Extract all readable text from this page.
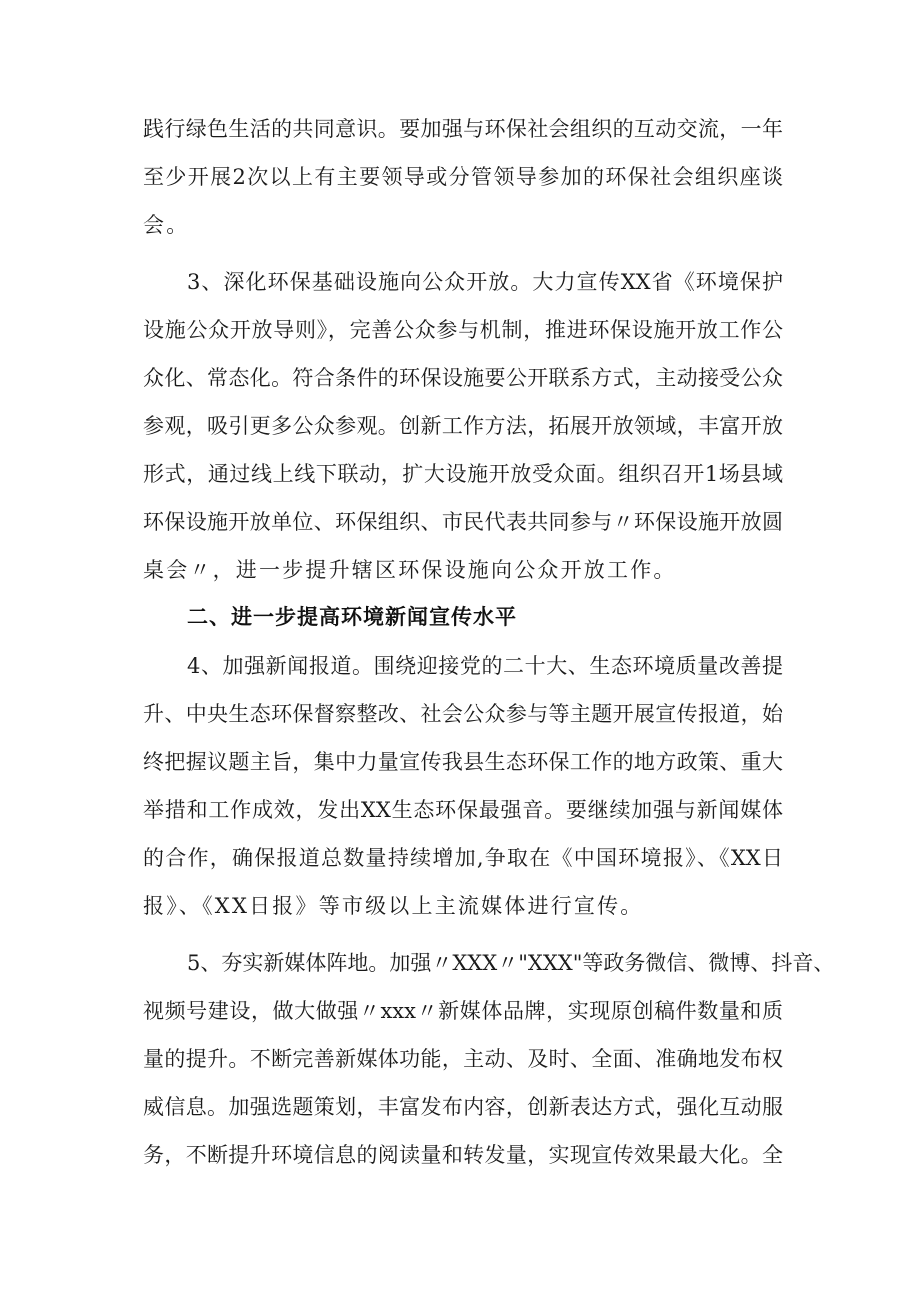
践行绿色生活的共同意识。要加强与环保社会组织的互动交流，一年
至少开展2次以上有主要领导或分管领导参加的环保社会组织座谈
会。
3、深化环保基础设施向公众开放。大力宣传XX省《环境保护
设施公众开放导则》，完善公众参与机制，推进环保设施开放工作公
众化、常态化。符合条件的环保设施要公开联系方式，主动接受公众
参观，吸引更多公众参观。创新工作方法，拓展开放领域，丰富开放
形式，通过线上线下联动，扩大设施开放受众面。组织召开1场县域
环保设施开放单位、环保组织、市民代表共同参与〃环保设施开放圆
桌会〃，进一步提升辖区环保设施向公众开放工作。
二、进一步提高环境新闻宣传水平
4、加强新闻报道。围绕迎接党的二十大、生态环境质量改善提
升、中央生态环保督察整改、社会公众参与等主题开展宣传报道，始
终把握议题主旨，集中力量宣传我县生态环保工作的地方政策、重大
举措和工作成效，发出XX生态环保最强音。要继续加强与新闻媒体
的合作，确保报道总数量持续增加,争取在《中国环境报》、《XX日
报》、《XX日报》等市级以上主流媒体进行宣传。
5、夯实新媒体阵地。加强〃XXX〃"XXX"等政务微信、微博、抖音、
视频号建设，做大做强〃xxx〃新媒体品牌，实现原创稿件数量和质
量的提升。不断完善新媒体功能，主动、及时、全面、准确地发布权
威信息。加强选题策划，丰富发布内容，创新表达方式，强化互动服
务，不断提升环境信息的阅读量和转发量，实现宣传效果最大化。全
